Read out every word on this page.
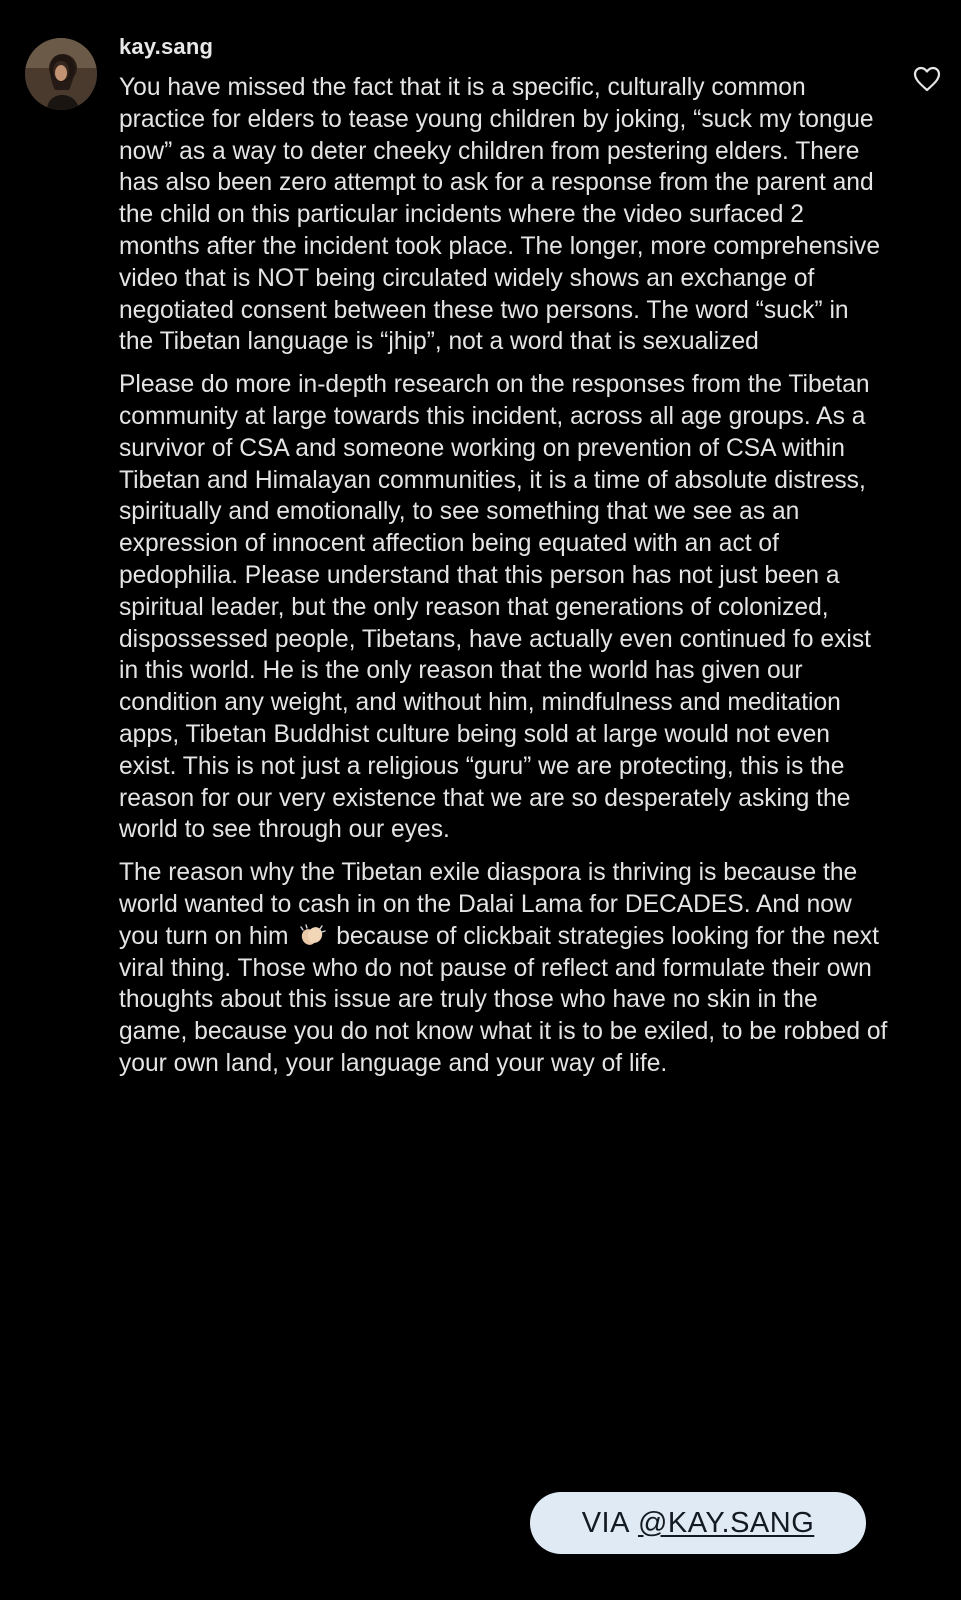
kay.sang

You have missed the fact that it is a specific, culturally common practice for elders to tease young children by joking, “suck my tongue now” as a way to deter cheeky children from pestering elders. There has also been zero attempt to ask for a response from the parent and the child on this particular incidents where the video surfaced 2 months after the incident took place. The longer, more comprehensive video that is NOT being circulated widely shows an exchange of negotiated consent between these two persons. The word “suck” in the Tibetan language is “jhip”, not a word that is sexualized

Please do more in-depth research on the responses from the Tibetan community at large towards this incident, across all age groups. As a survivor of CSA and someone working on prevention of CSA within Tibetan and Himalayan communities, it is a time of absolute distress, spiritually and emotionally, to see something that we see as an expression of innocent affection being equated with an act of pedophilia. Please understand that this person has not just been a spiritual leader, but the only reason that generations of colonized, dispossessed people, Tibetans, have actually even continued fo exist in this world. He is the only reason that the world has given our condition any weight, and without him, mindfulness and meditation apps, Tibetan Buddhist culture being sold at large would not even exist. This is not just a religious “guru” we are protecting, this is the reason for our very existence that we are so desperately asking the world to see through our eyes.

The reason why the Tibetan exile diaspora is thriving is because the world wanted to cash in on the Dalai Lama for DECADES. And now you turn on him
because of clickbait strategies looking for the next viral thing. Those who do not pause of reflect and formulate their own thoughts about this issue are truly those who have no skin in the game, because you do not know what it is to be exiled, to be robbed of your own land, your language and your way of life.

VIA @KAY.SANG
